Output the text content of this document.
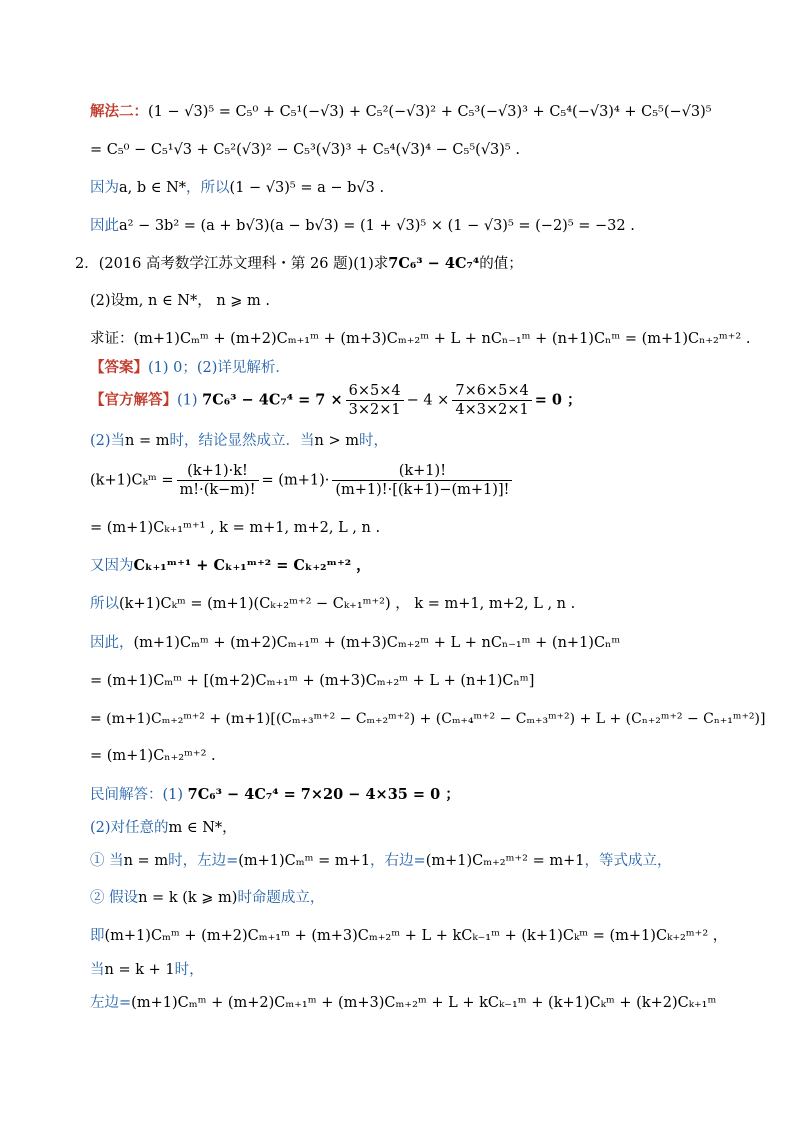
解法二：(1 − √3)⁵ = C₅⁰ + C₅¹(−√3) + C₅²(−√3)² + C₅³(−√3)³ + C₅⁴(−√3)⁴ + C₅⁵(−√3)⁵
= C₅⁰ − C₅¹√3 + C₅²(√3)² − C₅³(√3)³ + C₅⁴(√3)⁴ − C₅⁵(√3)⁵ .
因为a, b ∈ N*，所以(1 − √3)⁵ = a − b√3 .
因此a² − 3b² = (a + b√3)(a − b√3) = (1 + √3)⁵ × (1 − √3)⁵ = (−2)⁵ = −32 .
2．(2016 高考数学江苏文理科・第 26 题)(1)求7C₆³ − 4C₇⁴的值；
(2)设m, n ∈ N*， n ⩾ m .
求证：(m+1)Cₘᵐ + (m+2)Cₘ₊₁ᵐ + (m+3)Cₘ₊₂ᵐ + L + nCₙ₋₁ᵐ + (n+1)Cₙᵐ = (m+1)Cₙ₊₂ᵐ⁺² .
【答案】(1) 0；(2)详见解析．
【官方解答】(1) $7C_6^3 - 4C_7^4 = 7 \times \frac{6\times 5\times 4}{3\times 2\times 1} - 4 \times \frac{7\times 6\times 5\times 4}{4\times 3\times 2\times 1} = 0$ ；
(2)当n = m时，结论显然成立．当n > m时，
(k+1)Cₖᵐ = $\frac{(k+1)\cdot k!}{m!\cdot(k-m)!} = (m+1)\cdot \frac{(k+1)!}{(m+1)!\cdot[(k+1)-(m+1)]!}$
= (m+1)Cₖ₊₁ᵐ⁺¹ , k = m+1, m+2, L , n .
又因为Cₖ₊₁ᵐ⁺¹ + Cₖ₊₁ᵐ⁺² = Cₖ₊₂ᵐ⁺² ，
所以(k+1)Cₖᵐ = (m+1)(Cₖ₊₂ᵐ⁺² − Cₖ₊₁ᵐ⁺²) ， k = m+1, m+2, L , n .
因此，(m+1)Cₘᵐ + (m+2)Cₘ₊₁ᵐ + (m+3)Cₘ₊₂ᵐ + L + nCₙ₋₁ᵐ + (n+1)Cₙᵐ
= (m+1)Cₘᵐ + [(m+2)Cₘ₊₁ᵐ + (m+3)Cₘ₊₂ᵐ + L + (n+1)Cₙᵐ]
= (m+1)Cₘ₊₂ᵐ⁺² + (m+1)[(Cₘ₊₃ᵐ⁺² − Cₘ₊₂ᵐ⁺²) + (Cₘ₊₄ᵐ⁺² − Cₘ₊₃ᵐ⁺²) + L + (Cₙ₊₂ᵐ⁺² − Cₙ₊₁ᵐ⁺²)]
= (m+1)Cₙ₊₂ᵐ⁺² .
民间解答：(1) 7C₆³ − 4C₇⁴ = 7×20 − 4×35 = 0 ；
(2)对任意的m ∈ N*，
① 当n = m时，左边=(m+1)Cₘᵐ = m+1，右边=(m+1)Cₘ₊₂ᵐ⁺² = m+1，等式成立，
② 假设n = k (k ⩾ m)时命题成立，
即(m+1)Cₘᵐ + (m+2)Cₘ₊₁ᵐ + (m+3)Cₘ₊₂ᵐ + L + kCₖ₋₁ᵐ + (k+1)Cₖᵐ = (m+1)Cₖ₊₂ᵐ⁺² ，
当n = k + 1时，
左边=(m+1)Cₘᵐ + (m+2)Cₘ₊₁ᵐ + (m+3)Cₘ₊₂ᵐ + L + kCₖ₋₁ᵐ + (k+1)Cₖᵐ + (k+2)Cₖ₊₁ᵐ
